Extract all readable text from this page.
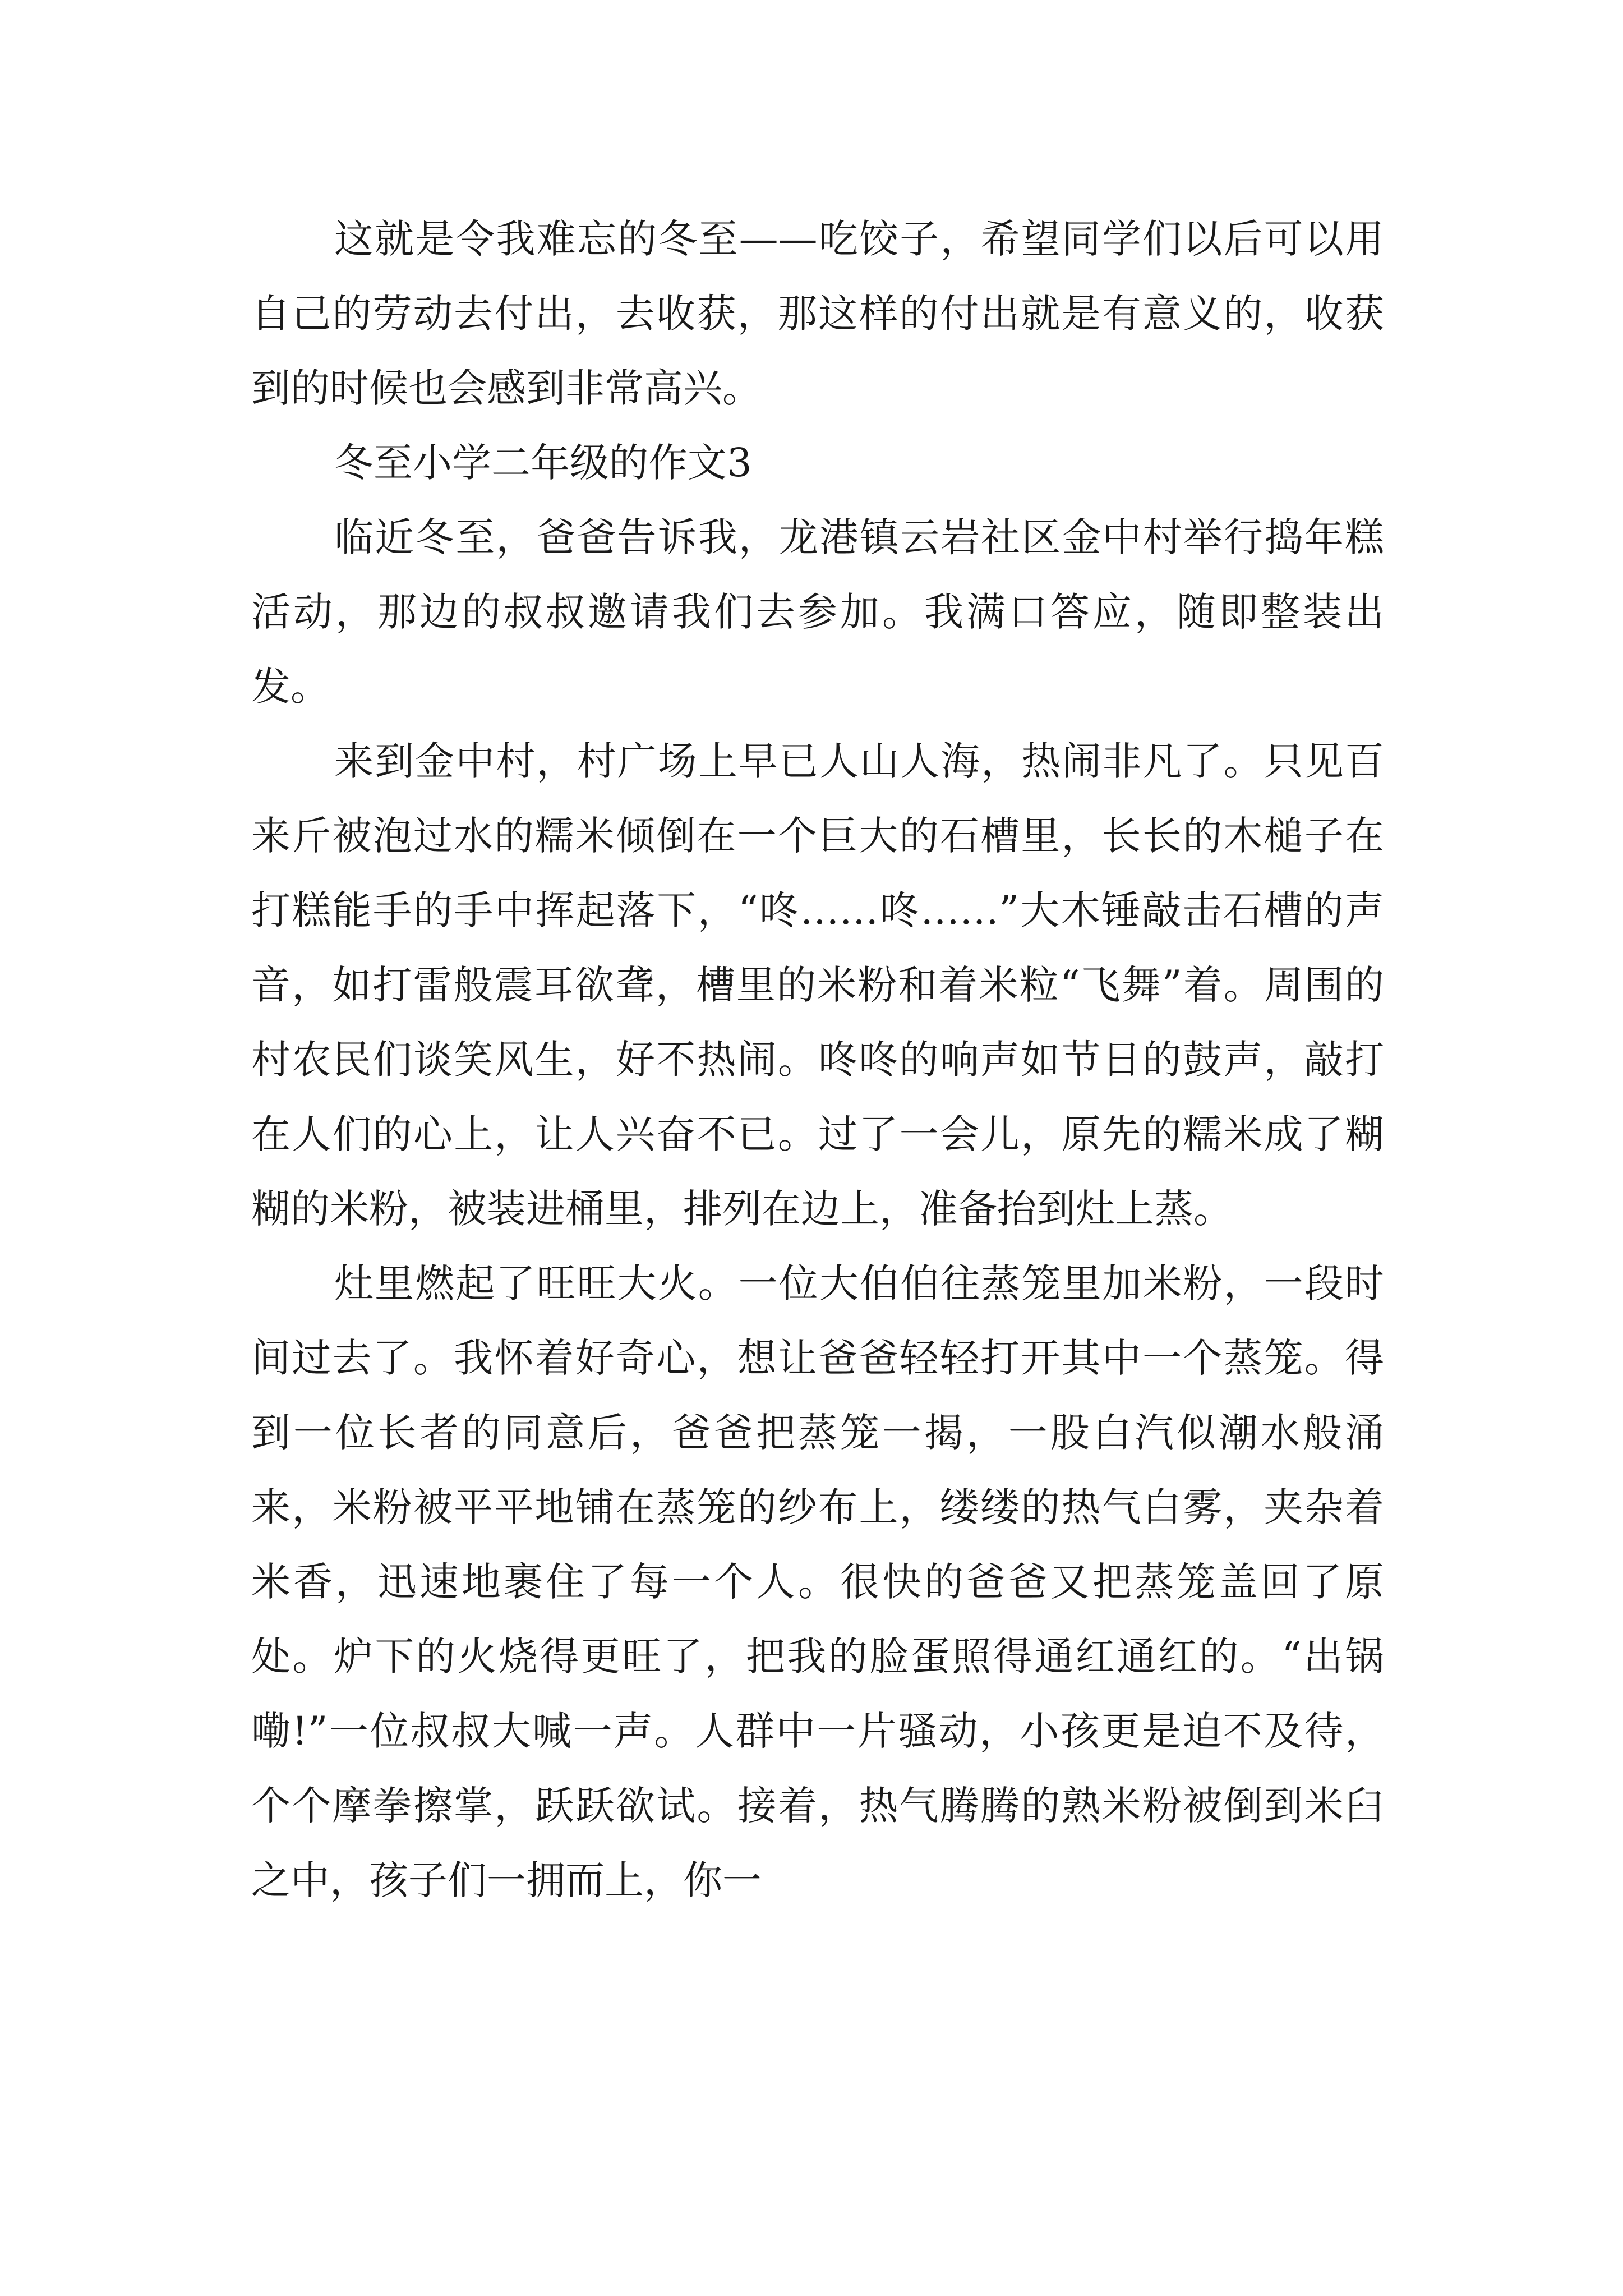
这就是令我难忘的冬至——吃饺子，希望同学们以后可以用自己的劳动去付出，去收获，那这样的付出就是有意义的，收获到的时候也会感到非常高兴。

冬至小学二年级的作文3

临近冬至，爸爸告诉我，龙港镇云岩社区金中村举行捣年糕活动，那边的叔叔邀请我们去参加。我满口答应，随即整装出发。

来到金中村，村广场上早已人山人海，热闹非凡了。只见百来斤被泡过水的糯米倾倒在一个巨大的石槽里，长长的木槌子在打糕能手的手中挥起落下，“咚……咚……”大木锤敲击石槽的声音，如打雷般震耳欲聋，槽里的米粉和着米粒“飞舞”着。周围的村农民们谈笑风生，好不热闹。咚咚的响声如节日的鼓声，敲打在人们的心上，让人兴奋不已。过了一会儿，原先的糯米成了糊糊的米粉，被装进桶里，排列在边上，准备抬到灶上蒸。

灶里燃起了旺旺大火。一位大伯伯往蒸笼里加米粉，一段时间过去了。我怀着好奇心，想让爸爸轻轻打开其中一个蒸笼。得到一位长者的同意后，爸爸把蒸笼一揭，一股白汽似潮水般涌来，米粉被平平地铺在蒸笼的纱布上，缕缕的热气白雾，夹杂着米香，迅速地裹住了每一个人。很快的爸爸又把蒸笼盖回了原处。炉下的火烧得更旺了，把我的脸蛋照得通红通红的。“出锅嘞!”一位叔叔大喊一声。人群中一片骚动，小孩更是迫不及待，个个摩拳擦掌，跃跃欲试。接着，热气腾腾的熟米粉被倒到米臼之中，孩子们一拥而上，你一
